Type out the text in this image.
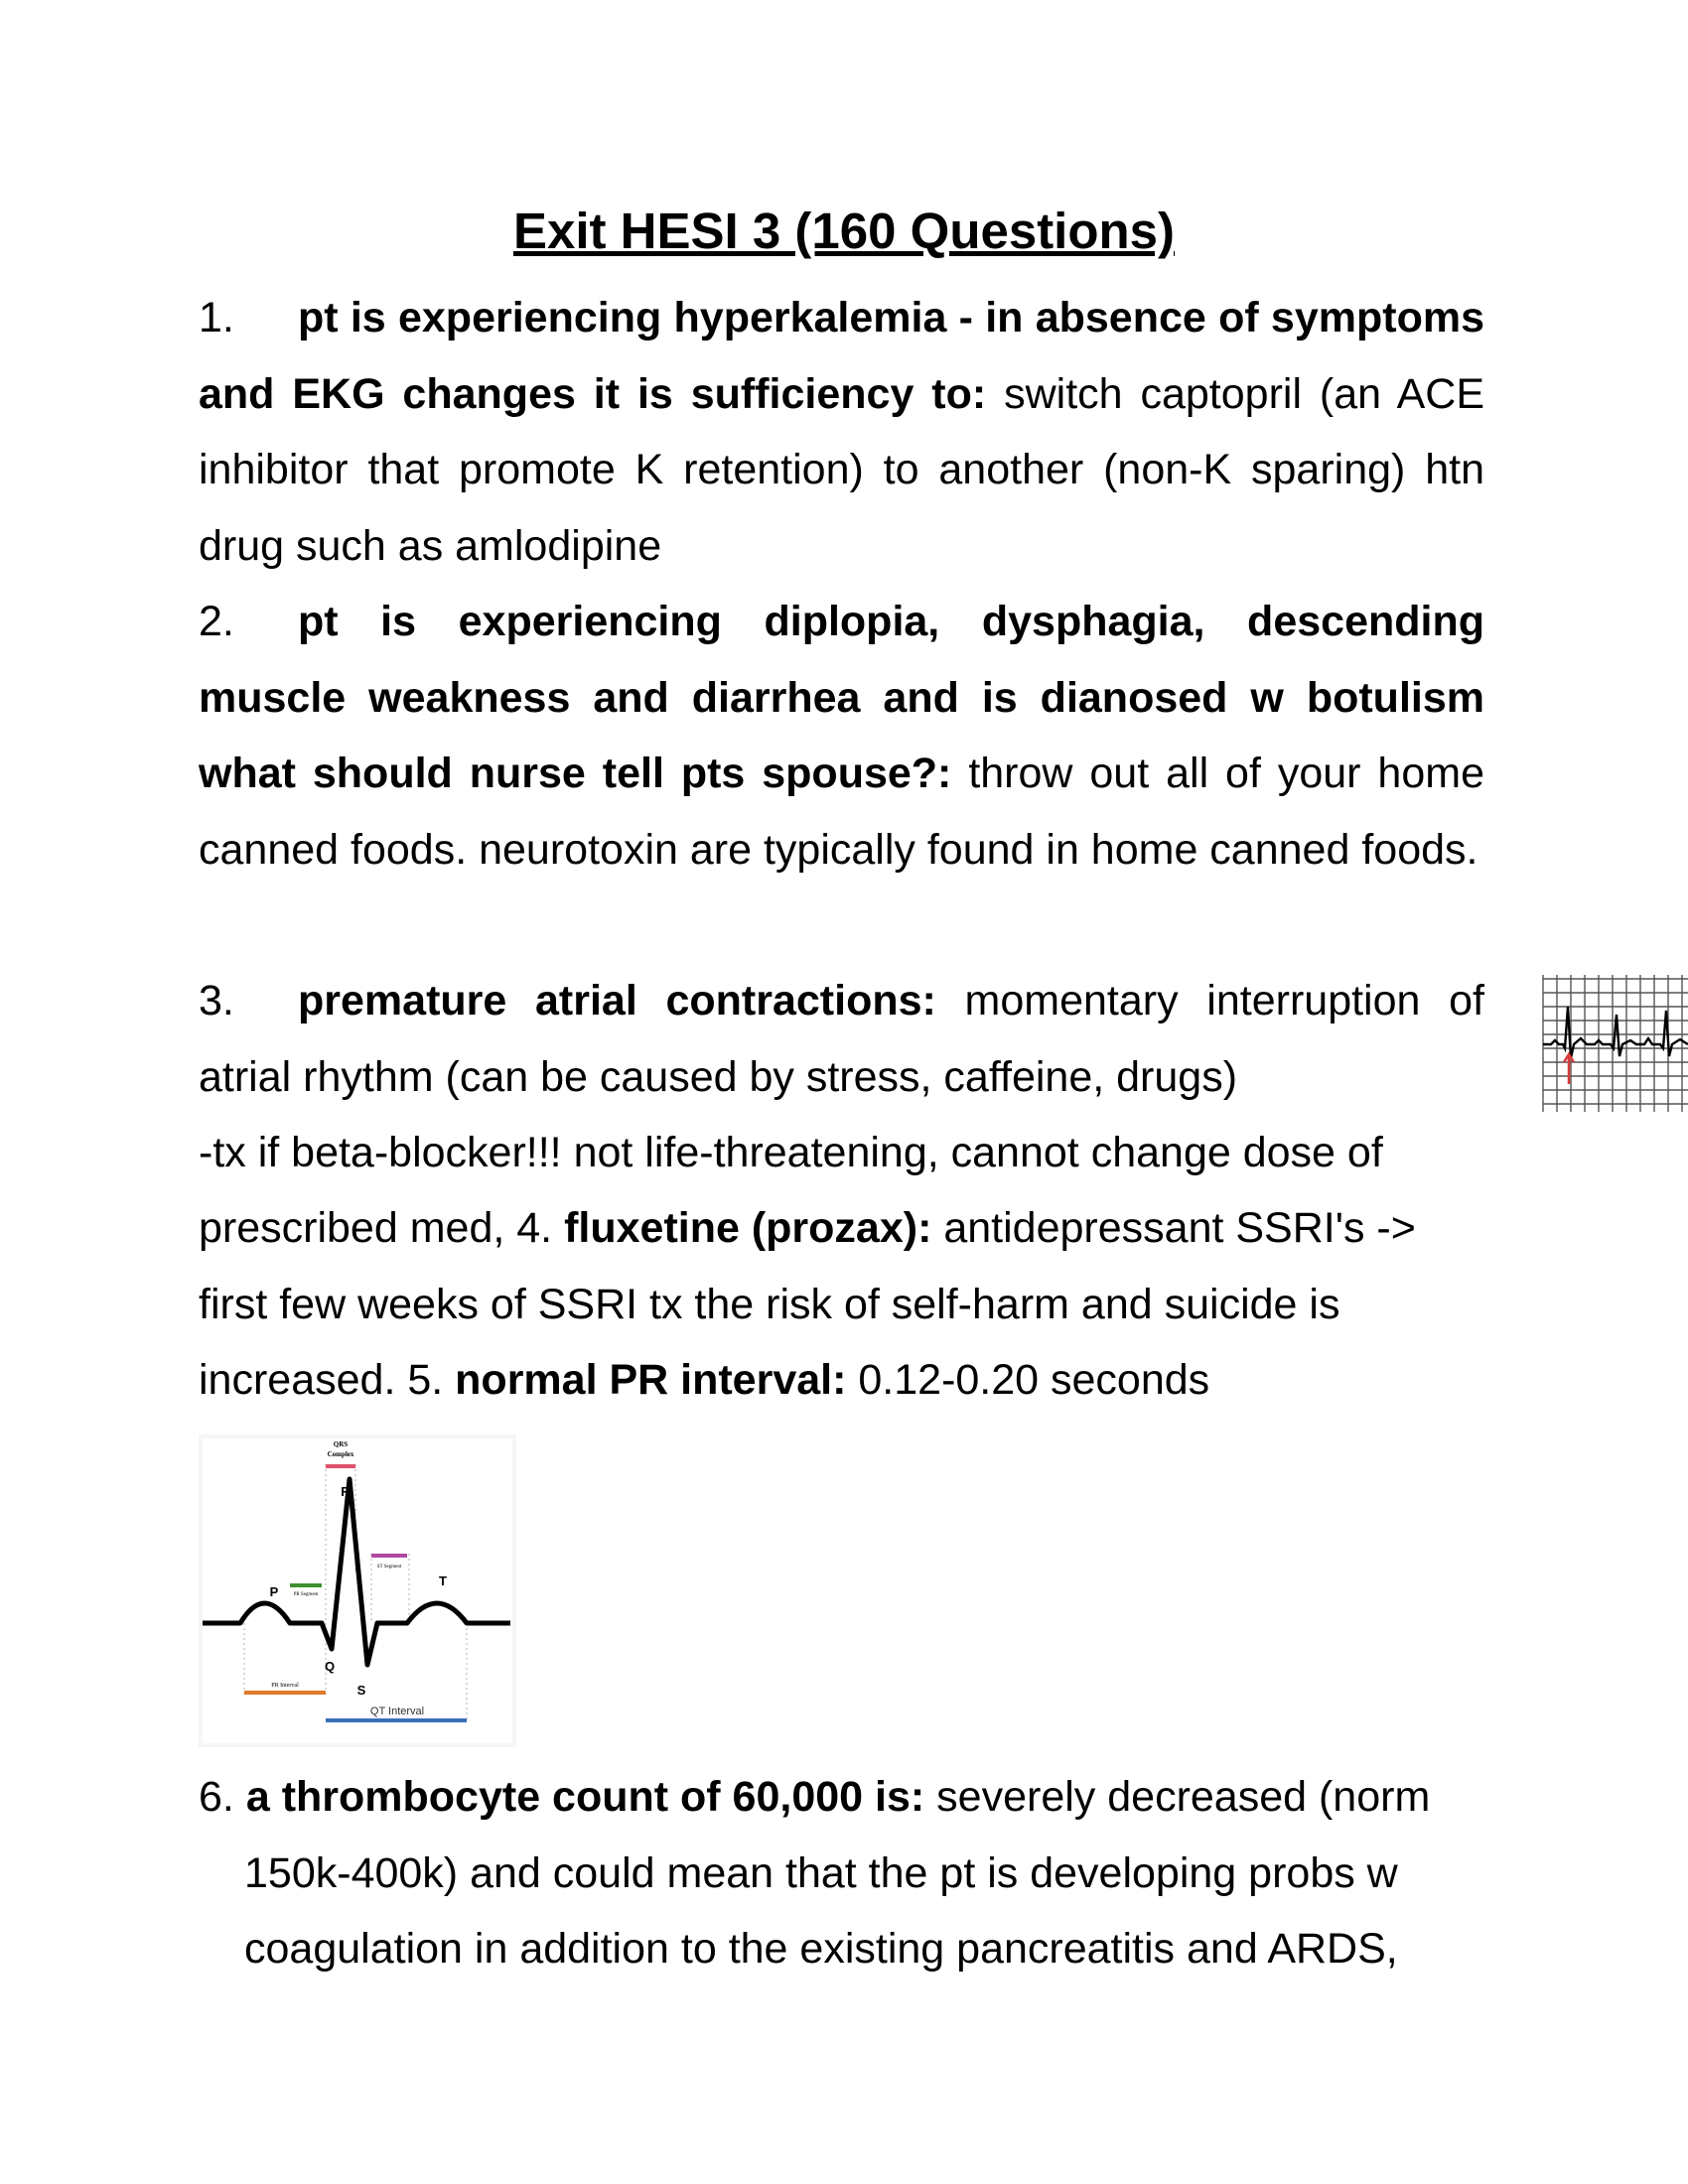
Exit HESI 3 (160 Questions)

1. pt is experiencing hyperkalemia - in absence of symptoms and EKG changes it is sufficiency to: switch captopril (an ACE inhibitor that promote K retention) to another (non-K sparing) htn drug such as amlodipine

2. pt is experiencing diplopia, dysphagia, descending muscle weakness and diarrhea and is dianosed w botulism what should nurse tell pts spouse?: throw out all of your home canned foods. neurotoxin are typically found in home canned foods.

3. premature atrial contractions: momentary interruption of atrial rhythm (can be caused by stress, caffeine, drugs)

-tx if beta-blocker!!! not life-threatening, cannot change dose of

prescribed med, 4. fluxetine (prozax): antidepressant SSRI's ->

first few weeks of SSRI tx the risk of self-harm and suicide is

increased. 5. normal PR interval: 0.12-0.20 seconds

QRS
Complex
PR Segment
ST Segment
R
P
Q
S
T
PR Interval
QT Interval
6. a thrombocyte count of 60,000 is: severely decreased (norm
150k-400k) and could mean that the pt is developing probs w
coagulation in addition to the existing pancreatitis and ARDS,
